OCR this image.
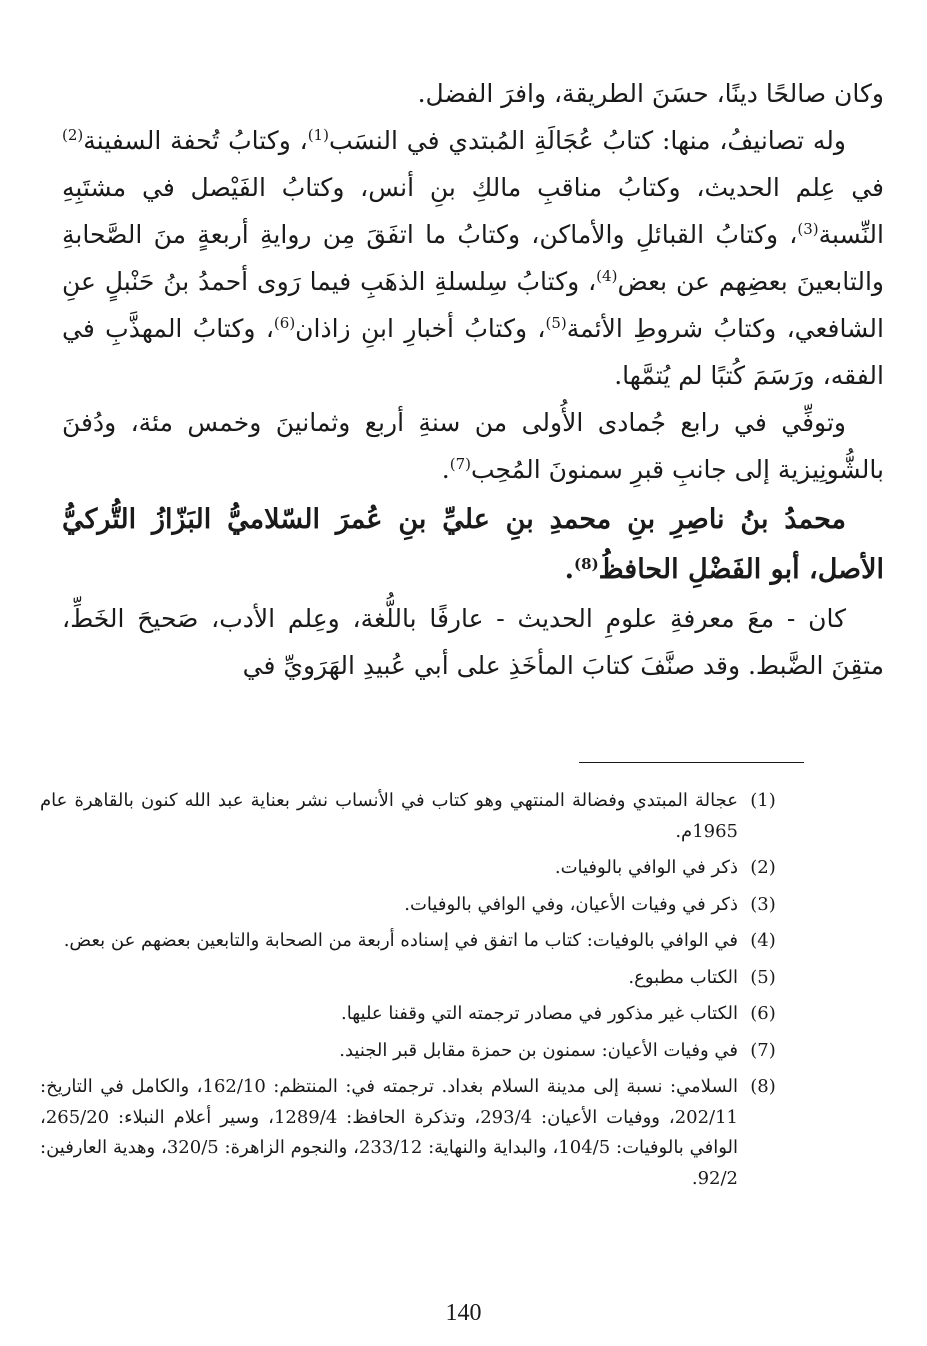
وكان صالحًا دينًا، حسَنَ الطريقة، وافرَ الفضل.

وله تصانيفُ، منها: كتابُ عُجَالَةِ المُبتدي في النسَب$^{(1)}$، وكتابُ تُحفة السفينة$^{(2)}$ في عِلم الحديث، وكتابُ مناقبِ مالكِ بنِ أنس، وكتابُ الفَيْصل في مشتَبِهِ النِّسبة$^{(3)}$، وكتابُ القبائلِ والأماكن، وكتابُ ما اتفَقَ مِن روايةِ أربعةٍ منَ الصَّحابةِ والتابعينَ بعضِهم عن بعض$^{(4)}$، وكتابُ سِلسلةِ الذهَبِ فيما رَوى أحمدُ بنُ حَنْبلٍ عنِ الشافعي، وكتابُ شروطِ الأئمة$^{(5)}$، وكتابُ أخبارِ ابنِ زاذان$^{(6)}$، وكتابُ المهذَّبِ في الفقه، ورَسَمَ كُتبًا لم يُتمَّها.

وتوفِّي في رابع جُمادى الأُولى من سنةِ أربع وثمانينَ وخمس مئة، ودُفنَ بالشُّونِيزية إلى جانبِ قبرِ سمنونَ المُحِب$^{(7)}$.

محمدُ بنُ ناصِرِ بنِ محمدِ بنِ عليِّ بنِ عُمرَ السّلاميُّ البَزّازُ التُّركيُّ الأصل، أبو الفَضْلِ الحافظُ$^{(8)}$.

كان - معَ معرفةِ علومِ الحديث - عارفًا باللُّغة، وعِلم الأدب، صَحيحَ الخَطِّ، متقِنَ الضَّبط. وقد صنَّفَ كتابَ المأخَذِ على أبي عُبيدِ الهَرَويِّ في

(1)
عجالة المبتدي وفضالة المنتهي وهو كتاب في الأنساب نشر بعناية عبد الله كنون بالقاهرة عام 1965م.
(2)
ذكر في الوافي بالوفيات.
(3)
ذكر في وفيات الأعيان، وفي الوافي بالوفيات.
(4)
في الوافي بالوفيات: كتاب ما اتفق في إسناده أربعة من الصحابة والتابعين بعضهم عن بعض.
(5)
الكتاب مطبوع.
(6)
الكتاب غير مذكور في مصادر ترجمته التي وقفنا عليها.
(7)
في وفيات الأعيان: سمنون بن حمزة مقابل قبر الجنيد.
(8)
السلامي: نسبة إلى مدينة السلام بغداد. ترجمته في: المنتظم: 162/10، والكامل في التاريخ: 202/11، ووفيات الأعيان: 293/4، وتذكرة الحافظ: 1289/4، وسير أعلام النبلاء: 265/20، الوافي بالوفيات: 104/5، والبداية والنهاية: 233/12، والنجوم الزاهرة: 320/5، وهدية العارفين: 92/2.
140
